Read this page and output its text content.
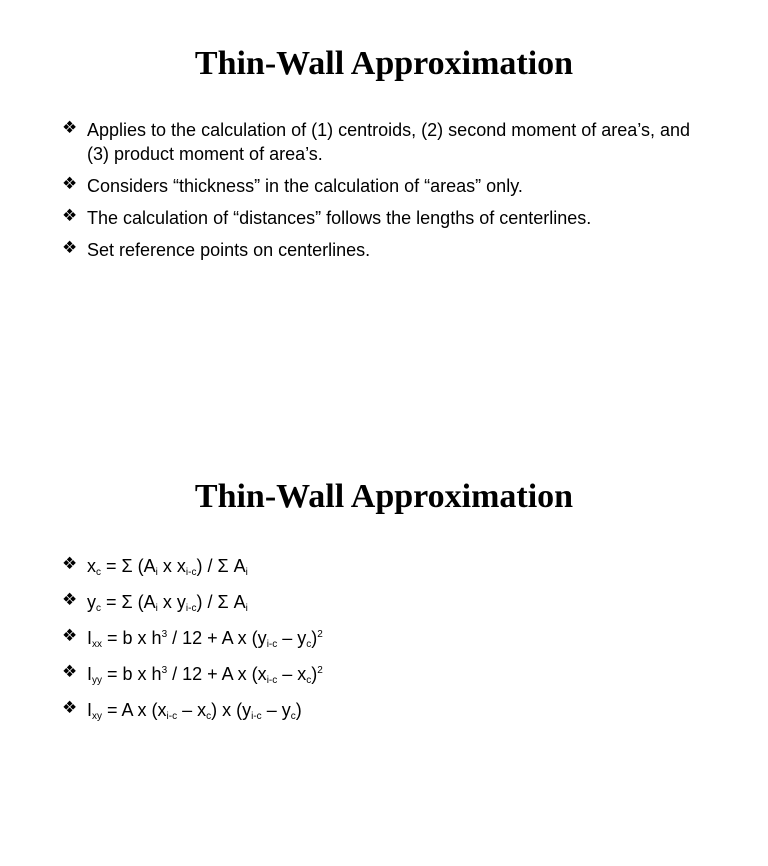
Thin-Wall Approximation
❖ Applies to the calculation of (1) centroids, (2) second moment of area’s, and (3) product moment of area’s.
❖ Considers “thickness” in the calculation of “areas” only.
❖ The calculation of “distances” follows the lengths of centerlines.
❖ Set reference points on centerlines.
Thin-Wall Approximation
❖ $x_c = \Sigma$ ($A_i$ x $x_{i-c}$) / Σ $A_i$
❖ $y_c = \Sigma$ ($A_i$ x $y_{i-c}$) / Σ $A_i$
❖ $I_{xx} = b$ x $h^3 / 12 + A$ x $(y_{i-c} - y_c)^2$
❖ $I_{yy} = b$ x $h^3 / 12 + A$ x $(x_{i-c} - x_c)^2$
❖ $I_{xy} = A$ x $(x_{i-c} - x_c)$ x $(y_{i-c} - y_c)$
